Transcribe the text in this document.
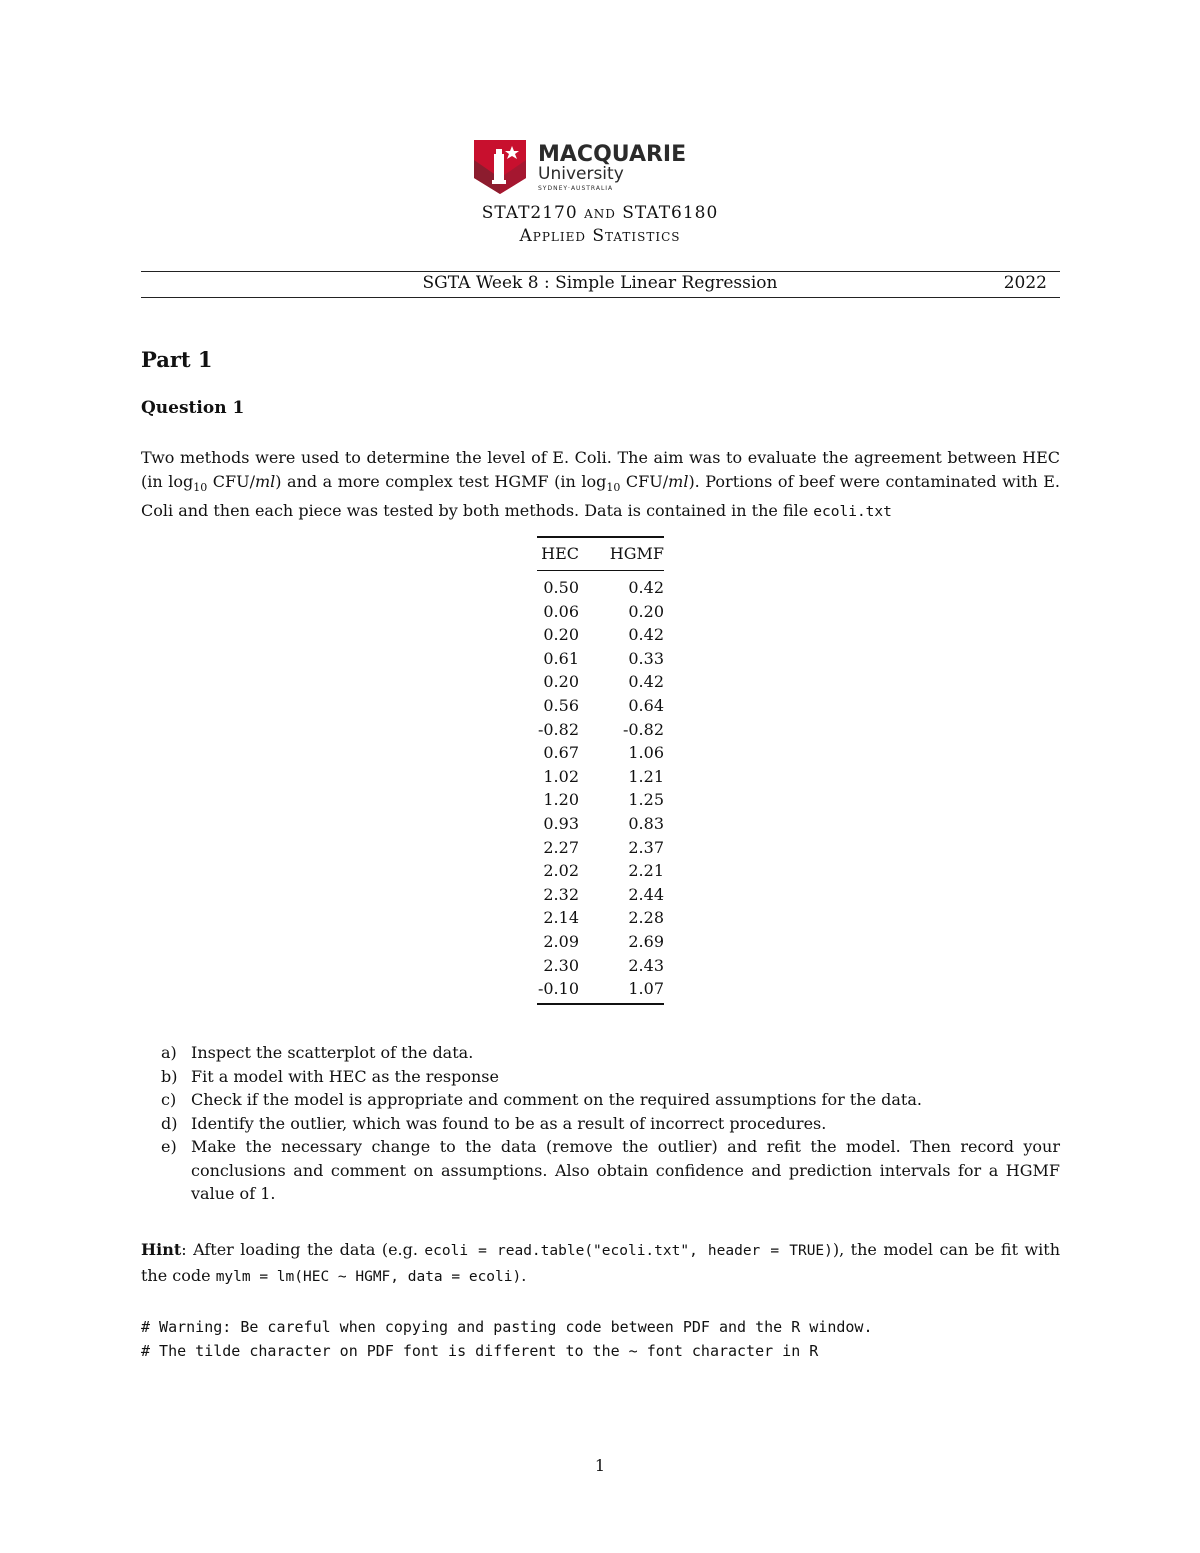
MACQUARIE
University
SYDNEY·AUSTRALIA
STAT2170 and STAT6180
Applied Statistics
SGTA Week 8 : Simple Linear Regression	2022
Part 1
Question 1
Two methods were used to determine the level of E. Coli. The aim was to evaluate the agreement between HEC (in $\log_{10} CFU/ml$) and a more complex test HGMF (in $\log_{10} CFU/ml$). Portions of beef were contaminated with E. Coli and then each piece was tested by both methods. Data is contained in the file ecoli.txt
HEC HGMF
0.50	0.42
0.06	0.20
0.20	0.42
0.61	0.33
0.20	0.42
0.56	0.64
-0.82	-0.82
0.67	1.06
1.02	1.21
1.20	1.25
0.93	0.83
2.27	2.37
2.02	2.21
2.32	2.44
2.14	2.28
2.09	2.69
2.30	2.43
-0.10	1.07
a) Inspect the scatterplot of the data.
b) Fit a model with HEC as the response
c) Check if the model is appropriate and comment on the required assumptions for the data.
d) Identify the outlier, which was found to be as a result of incorrect procedures.
e) Make the necessary change to the data (remove the outlier) and refit the model. Then record your conclusions and comment on assumptions. Also obtain confidence and prediction intervals for a HGMF value of 1.
Hint: After loading the data (e.g. ecoli = read.table("ecoli.txt", header = TRUE)), the model can be fit with the code mylm = lm(HEC ~ HGMF, data = ecoli).
# Warning: Be careful when copying and pasting code between PDF and the R window.
# The tilde character on PDF font is different to the ~ font character in R
1
